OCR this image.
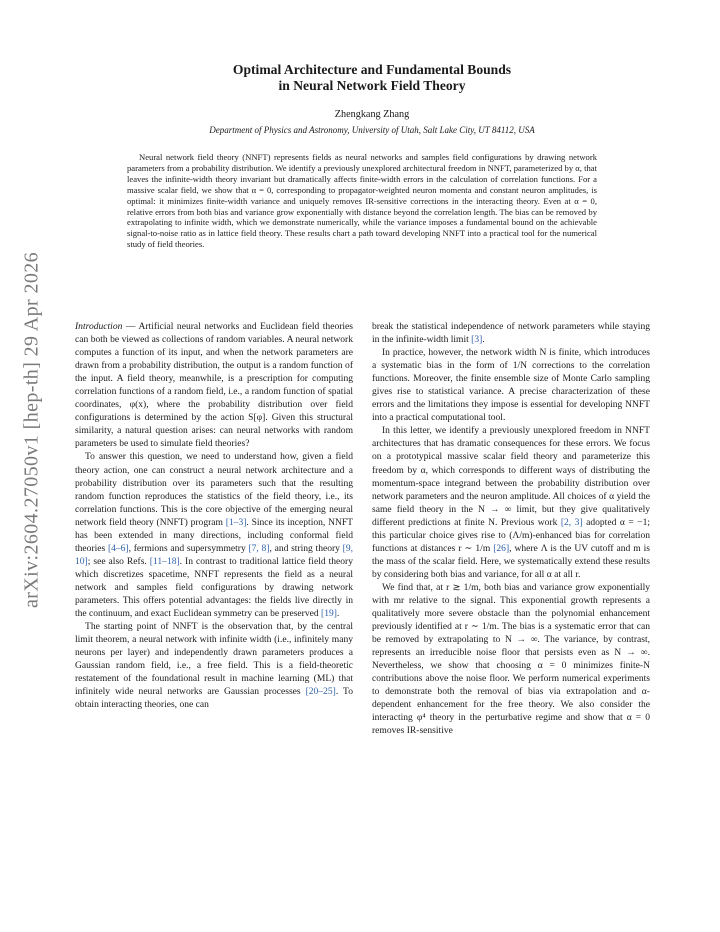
arXiv:2604.27050v1 [hep-th] 29 Apr 2026
Optimal Architecture and Fundamental Bounds
in Neural Network Field Theory
Zhengkang Zhang
Department of Physics and Astronomy, University of Utah, Salt Lake City, UT 84112, USA

Neural network field theory (NNFT) represents fields as neural networks and samples field configurations by drawing network parameters from a probability distribution. We identify a previously unexplored architectural freedom in NNFT, parameterized by α, that leaves the infinite-width theory invariant but dramatically affects finite-width errors in the calculation of correlation functions. For a massive scalar field, we show that α = 0, corresponding to propagator-weighted neuron momenta and constant neuron amplitudes, is optimal: it minimizes finite-width variance and uniquely removes IR-sensitive corrections in the interacting theory. Even at α = 0, relative errors from both bias and variance grow exponentially with distance beyond the correlation length. The bias can be removed by extrapolating to infinite width, which we demonstrate numerically, while the variance imposes a fundamental bound on the achievable signal-to-noise ratio as in lattice field theory. These results chart a path toward developing NNFT into a practical tool for the numerical study of field theories.

Introduction — Artificial neural networks and Euclidean field theories can both be viewed as collections of random variables. A neural network computes a function of its input, and when the network parameters are drawn from a probability distribution, the output is a random function of the input. A field theory, meanwhile, is a prescription for computing correlation functions of a random field, i.e., a random function of spatial coordinates, φ(x), where the probability distribution over field configurations is determined by the action S[φ]. Given this structural similarity, a natural question arises: can neural networks with random parameters be used to simulate field theories?

To answer this question, we need to understand how, given a field theory action, one can construct a neural network architecture and a probability distribution over its parameters such that the resulting random function reproduces the statistics of the field theory, i.e., its correlation functions. This is the core objective of the emerging neural network field theory (NNFT) program [1–3]. Since its inception, NNFT has been extended in many directions, including conformal field theories [4–6], fermions and supersymmetry [7, 8], and string theory [9, 10]; see also Refs. [11–18]. In contrast to traditional lattice field theory which discretizes spacetime, NNFT represents the field as a neural network and samples field configurations by drawing network parameters. This offers potential advantages: the fields live directly in the continuum, and exact Euclidean symmetry can be preserved [19].

The starting point of NNFT is the observation that, by the central limit theorem, a neural network with infinite width (i.e., infinitely many neurons per layer) and independently drawn parameters produces a Gaussian random field, i.e., a free field. This is a field-theoretic restatement of the foundational result in machine learning (ML) that infinitely wide neural networks are Gaussian processes [20–25]. To obtain interacting theories, one can

break the statistical independence of network parameters while staying in the infinite-width limit [3].

In practice, however, the network width N is finite, which introduces a systematic bias in the form of 1/N corrections to the correlation functions. Moreover, the finite ensemble size of Monte Carlo sampling gives rise to statistical variance. A precise characterization of these errors and the limitations they impose is essential for developing NNFT into a practical computational tool.

In this letter, we identify a previously unexplored freedom in NNFT architectures that has dramatic consequences for these errors. We focus on a prototypical massive scalar field theory and parameterize this freedom by α, which corresponds to different ways of distributing the momentum-space integrand between the probability distribution over network parameters and the neuron amplitude. All choices of α yield the same field theory in the N → ∞ limit, but they give qualitatively different predictions at finite N. Previous work [2, 3] adopted α = −1; this particular choice gives rise to (Λ/m)-enhanced bias for correlation functions at distances r ∼ 1/m [26], where Λ is the UV cutoff and m is the mass of the scalar field. Here, we systematically extend these results by considering both bias and variance, for all α at all r.

We find that, at r ≳ 1/m, both bias and variance grow exponentially with mr relative to the signal. This exponential growth represents a qualitatively more severe obstacle than the polynomial enhancement previously identified at r ∼ 1/m. The bias is a systematic error that can be removed by extrapolating to N → ∞. The variance, by contrast, represents an irreducible noise floor that persists even as N → ∞. Nevertheless, we show that choosing α = 0 minimizes finite-N contributions above the noise floor. We perform numerical experiments to demonstrate both the removal of bias via extrapolation and α-dependent enhancement for the free theory. We also consider the interacting φ⁴ theory in the perturbative regime and show that α = 0 removes IR-sensitive
